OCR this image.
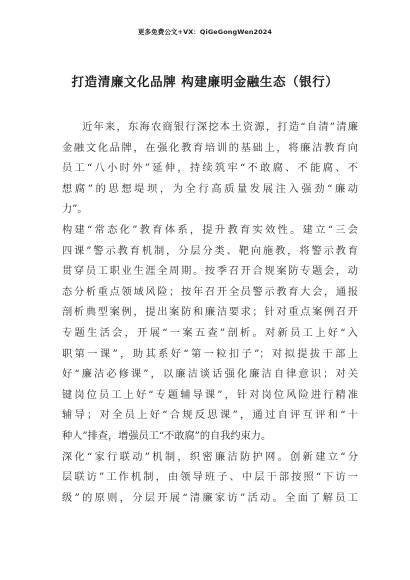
更多免费公文+VX：QiGeGongWen2024
打造清廉文化品牌 构建廉明金融生态（银行）
近年来，东海农商银行深挖本土资源，打造“自清”清廉
金融文化品牌，在强化教育培训的基础上，将廉洁教育向
员工“八小时外”延伸，持续筑牢“不敢腐、不能腐、不
想腐”的思想堤坝，为全行高质量发展注入强劲“廉动
力”。
构建“常态化”教育体系，提升教育实效性。建立“三会
四课”警示教育机制，分层分类、靶向施教，将警示教育
贯穿员工职业生涯全周期。按季召开合规案防专题会，动
态分析重点领域风险；按年召开全员警示教育大会，通报
剖析典型案例，提出案防和廉洁要求；针对重点案例召开
专题生活会，开展“一案五查”剖析。对新员工上好“入
职第一课”，助其系好“第一粒扣子”；对拟提拔干部上
好“廉洁必修课”，以廉洁谈话强化廉洁自律意识；对关
键岗位员工上好“专题辅导课”，针对岗位风险进行精准
辅导；对全员上好“合规反思课”，通过自评互评和“十
种人”排查，增强员工“不敢腐”的自我约束力。
深化“家行联动”机制，织密廉洁防护网。创新建立“分
层联访”工作机制，由领导班子、中层干部按照“下访一
级”的原则，分层开展“清廉家访”活动。全面了解员工
